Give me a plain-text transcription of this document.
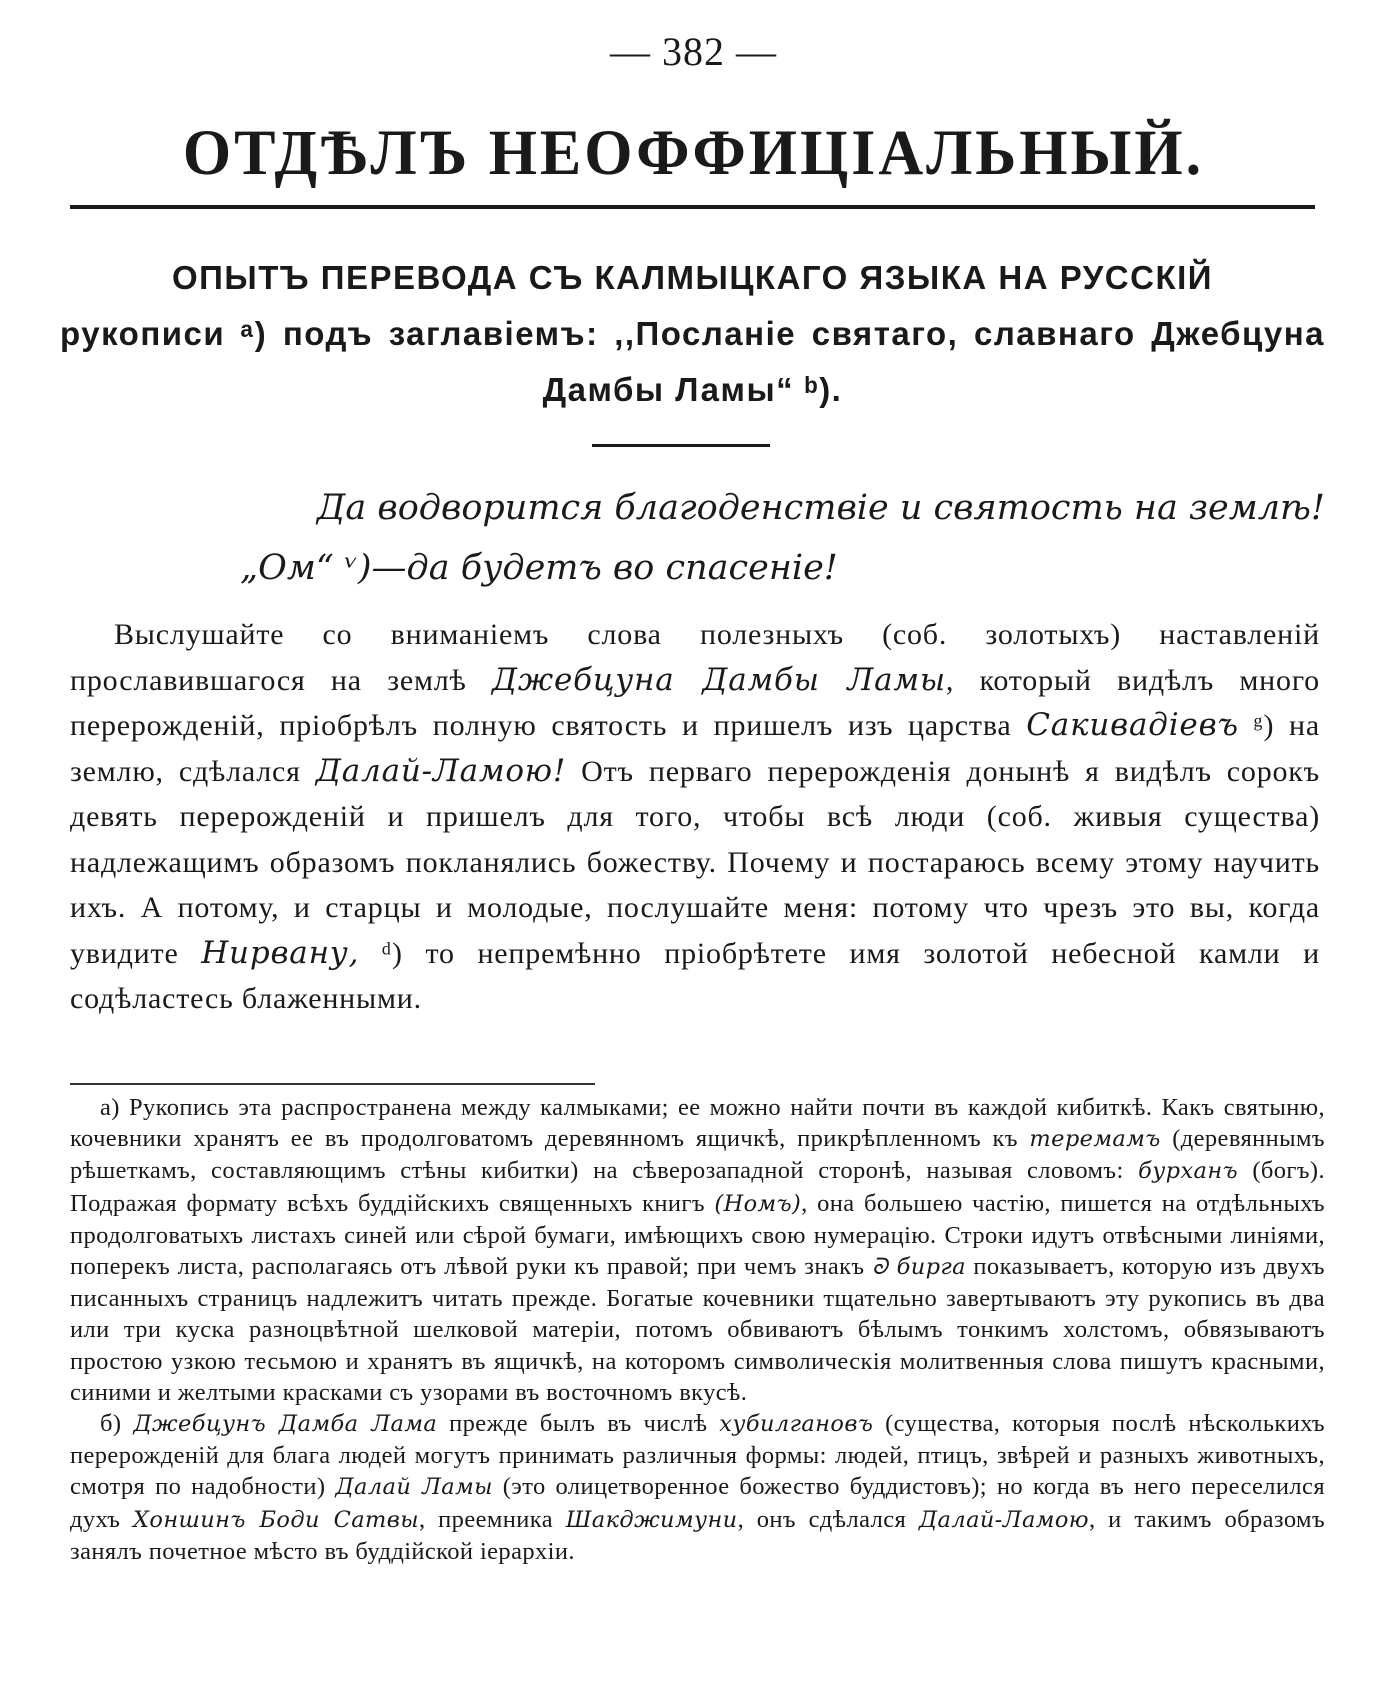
— 382 —
ОТДѢЛЪ НЕОФФИЦІАЛЬНЫЙ.
ОПЫТЪ ПЕРЕВОДА СЪ КАЛМЫЦКАГО ЯЗЫКА НА РУССКІЙ
рукописи ᵃ) подъ заглавіемъ: ,,Посланіе святаго, славнаго Джебцуна
Дамбы Ламы“ ᵇ).
Да водворится благоденствіе и святость на землѣ!
„Ом“ ᵛ)—да будетъ во спасеніе!
Выслушайте со вниманіемъ слова полезныхъ (соб. золотыхъ) наставленій прославившагося на землѣ Джебцуна Дамбы Ламы, который видѣлъ много перерожденій, пріобрѣлъ полную святость и пришелъ изъ царства Сакивадіевъ ᵍ) на землю, сдѣлался Далай-Ламою! Отъ перваго перерожденія донынѣ я видѣлъ сорокъ девять перерожденій и пришелъ для того, чтобы всѣ люди (соб. живыя существа) надлежащимъ образомъ покланялись божеству. Почему и постараюсь всему этому научить ихъ. А потому, и старцы и молодые, послушайте меня: потому что чрезъ это вы, когда увидите Нирвану, ᵈ) то непремѣнно пріобрѣтете имя золотой небесной камли и содѣластесь блаженными.

а) Рукопись эта распространена между калмыками; ее можно найти почти въ каждой кибиткѣ. Какъ святыню, кочевники хранятъ ее въ продолговатомъ деревянномъ ящичкѣ, прикрѣпленномъ къ теремамъ (деревяннымъ рѣшеткамъ, составляющимъ стѣны кибитки) на сѣверозападной сторонѣ, называя словомъ: бурханъ (богъ). Подражая формату всѣхъ буддійскихъ священныхъ книгъ (Номъ), она большею частію, пишется на отдѣльныхъ продолговатыхъ листахъ синей или сѣрой бумаги, имѣющихъ свою нумерацію. Строки идутъ отвѣсными линіями, поперекъ листа, располагаясь отъ лѣвой руки къ правой; при чемъ знакъ ᘐ бирга показываетъ, которую изъ двухъ писанныхъ страницъ надлежитъ читать прежде. Богатые кочевники тщательно завертываютъ эту рукопись въ два или три куска разноцвѣтной шелковой матеріи, потомъ обвиваютъ бѣлымъ тонкимъ холстомъ, обвязываютъ простою узкою тесьмою и хранятъ въ ящичкѣ, на которомъ символическія молитвенныя слова пишутъ красными, синими и желтыми красками съ узорами въ восточномъ вкусѣ.

б) Джебцунъ Дамба Лама прежде былъ въ числѣ хубилгановъ (существа, которыя послѣ нѣсколькихъ перерожденій для блага людей могутъ принимать различныя формы: людей, птицъ, звѣрей и разныхъ животныхъ, смотря по надобности) Далай Ламы (это олицетворенное божество буддистовъ); но когда въ него переселился духъ Хоншинъ Боди Сатвы, преемника Шакджимуни, онъ сдѣлался Далай-Ламою, и такимъ образомъ занялъ почетное мѣсто въ буддійской іерархіи.
